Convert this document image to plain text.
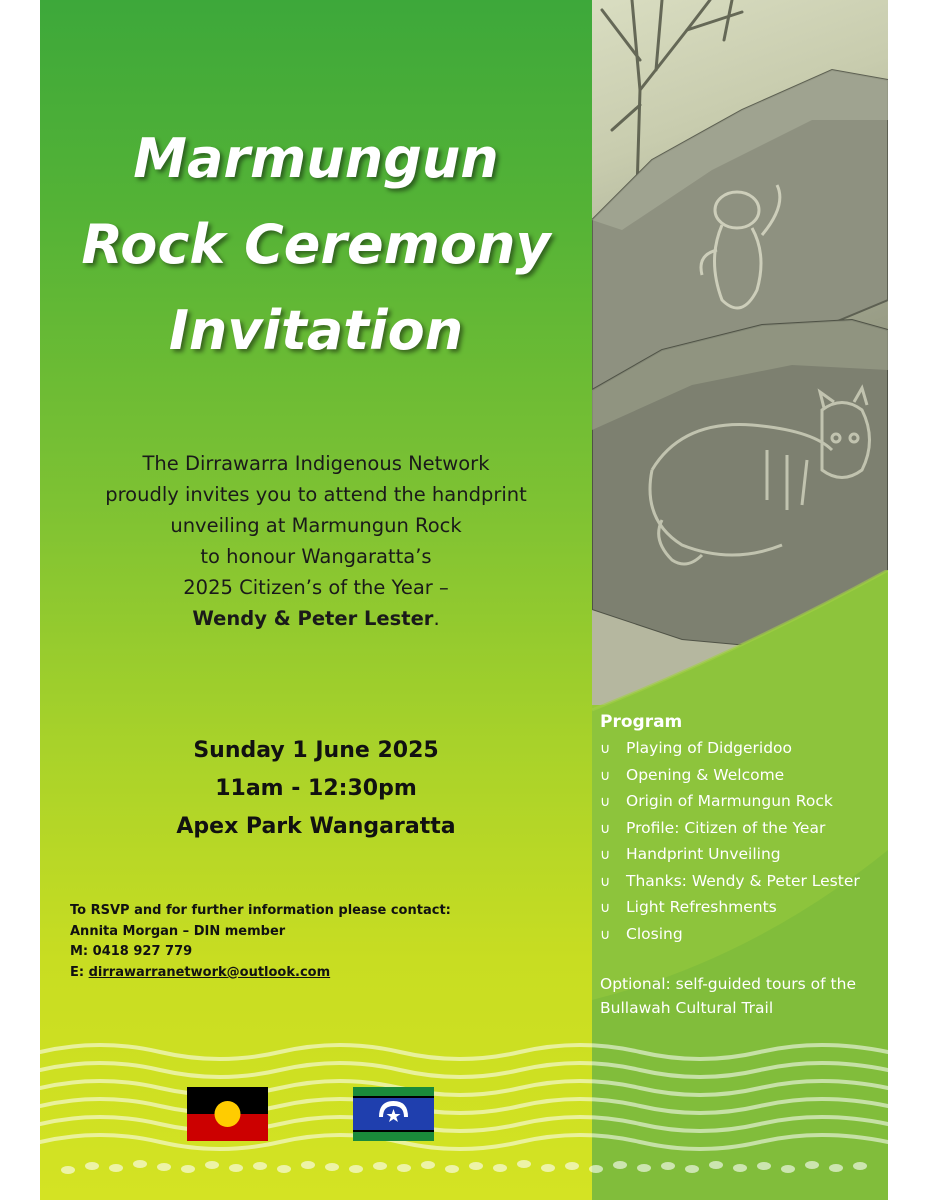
Marmungun
Rock Ceremony
Invitation

The Dirrawarra Indigenous Network
proudly invites you to attend the handprint
unveiling at Marmungun Rock
to honour Wangaratta’s
2025 Citizen’s of the Year –
Wendy & Peter Lester.

Sunday 1 June 2025
11am - 12:30pm
Apex Park Wangaratta
To RSVP and for further information please contact:
Annita Morgan – DIN member
M: 0418 927 779
E: dirrawarranetwork@outlook.com
Program
∪ Playing of Didgeridoo
∪ Opening & Welcome
∪ Origin of Marmungun Rock
∪ Profile: Citizen of the Year
∪ Handprint Unveiling
∪ Thanks: Wendy & Peter Lester
∪ Light Refreshments
∪ Closing
Optional: self-guided tours of the
Bullawah Cultural Trail
